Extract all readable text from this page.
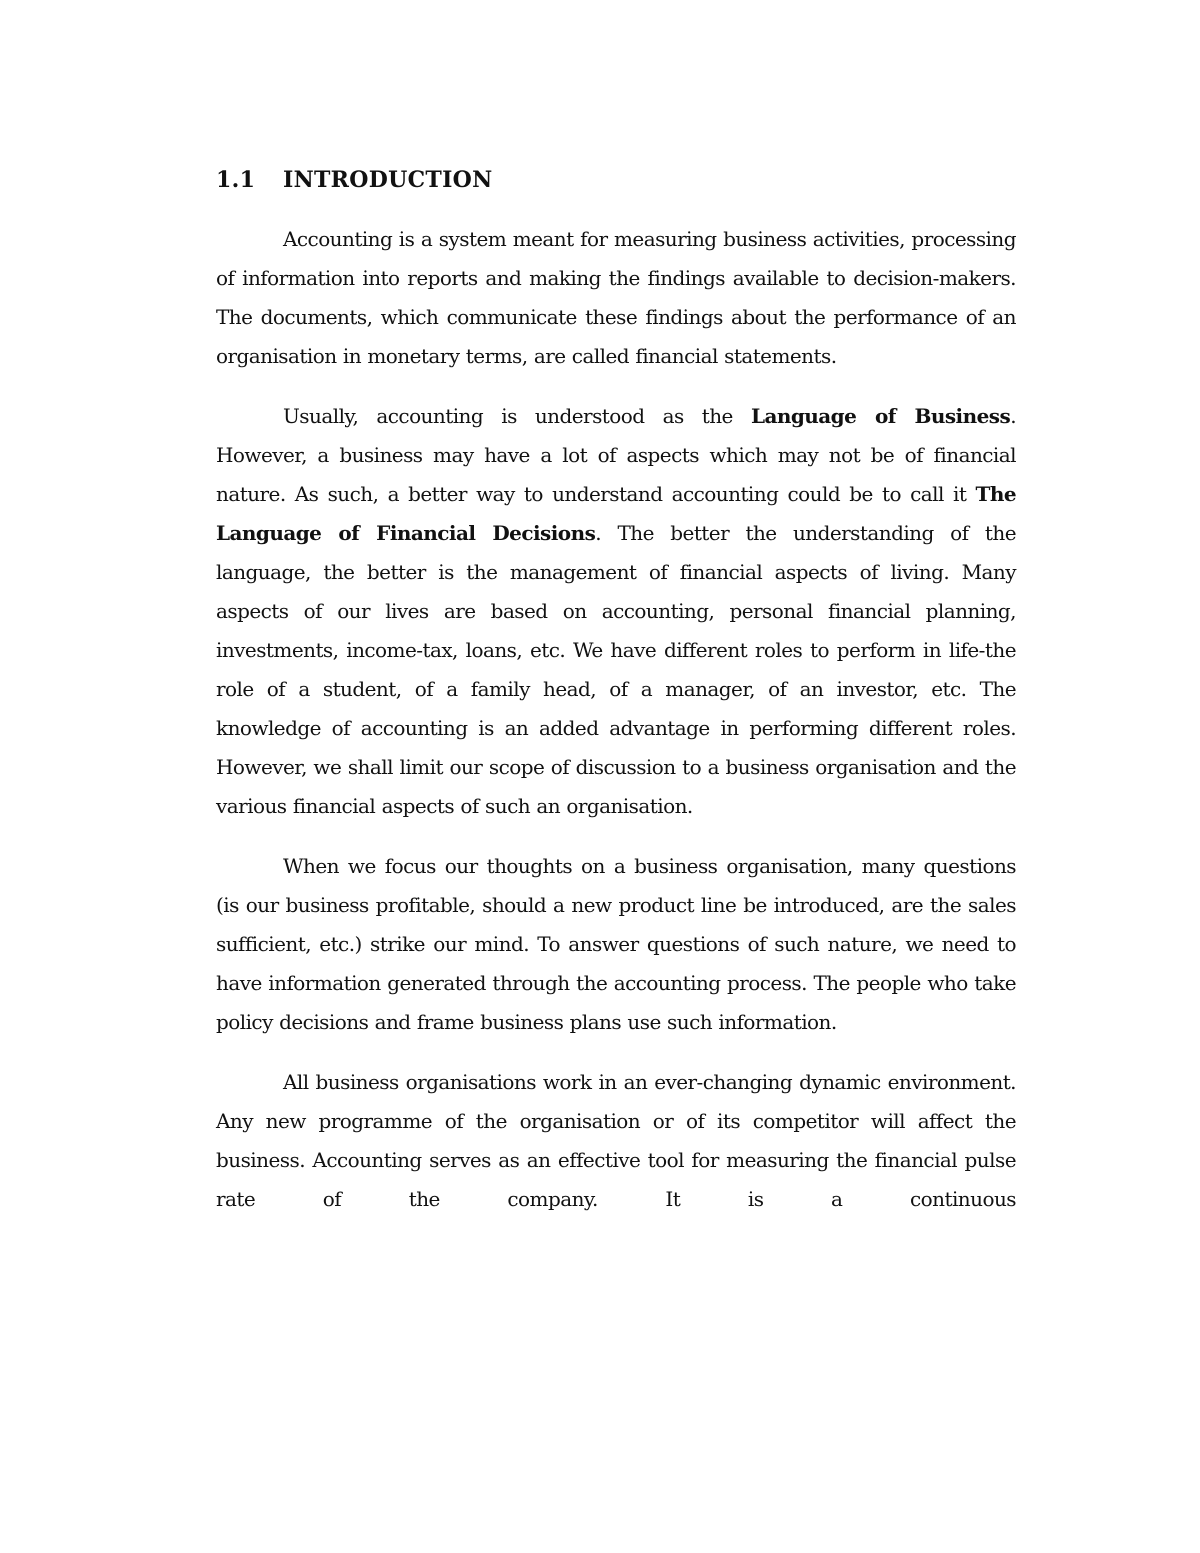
1.1 INTRODUCTION

Accounting is a system meant for measuring business activities, processing of information into reports and making the findings available to decision-makers. The documents, which communicate these findings about the performance of an organisation in monetary terms, are called financial statements.

Usually, accounting is understood as the Language of Business. However, a business may have a lot of aspects which may not be of financial nature. As such, a better way to understand accounting could be to call it The Language of Financial Decisions. The better the understanding of the language, the better is the management of financial aspects of living. Many aspects of our lives are based on accounting, personal financial planning, investments, income-tax, loans, etc. We have different roles to perform in life-the role of a student, of a family head, of a manager, of an investor, etc. The knowledge of accounting is an added advantage in performing different roles. However, we shall limit our scope of discussion to a business organisation and the various financial aspects of such an organisation.

When we focus our thoughts on a business organisation, many questions (is our business profitable, should a new product line be introduced, are the sales sufficient, etc.) strike our mind. To answer questions of such nature, we need to have information generated through the accounting process. The people who take policy decisions and frame business plans use such information.

All business organisations work in an ever-changing dynamic environment. Any new programme of the organisation or of its competitor will affect the business. Accounting serves as an effective tool for measuring the financial pulse rate of the company. It is a continuous
